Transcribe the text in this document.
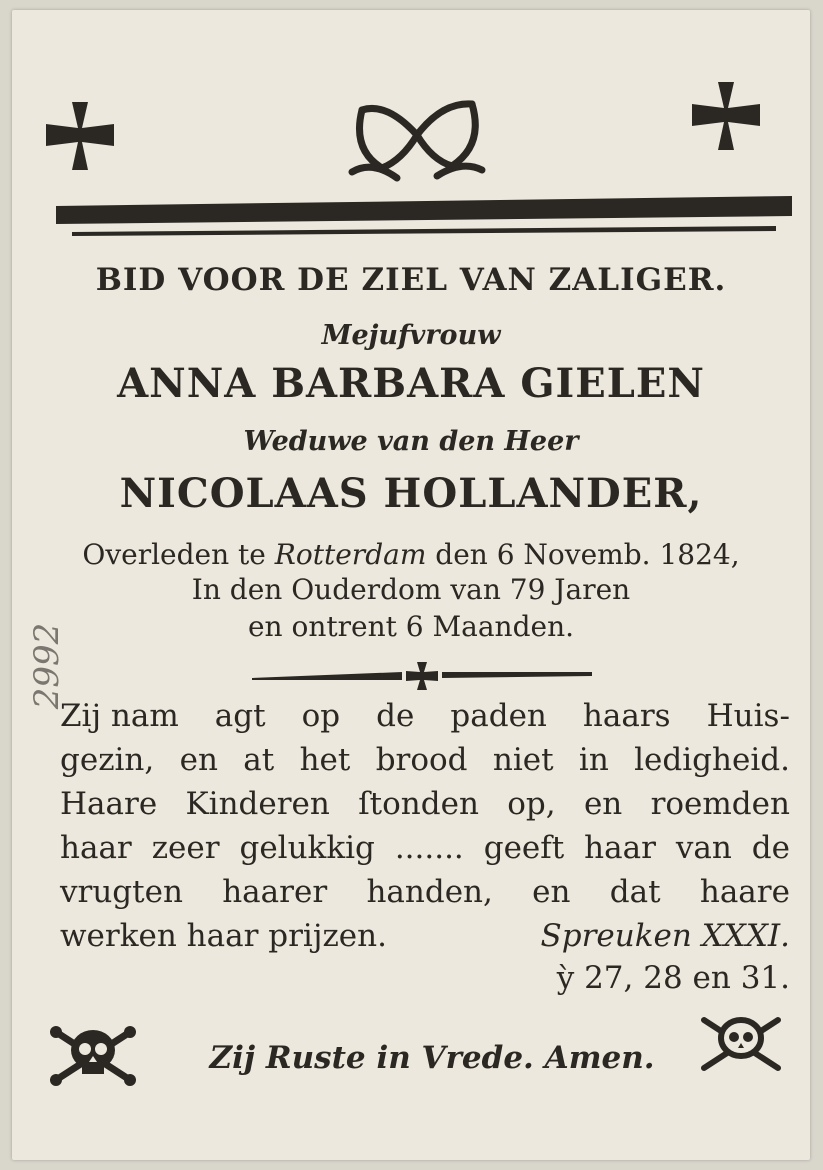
BID VOOR DE ZIEL VAN ZALIGER.
Mejufvrouw
ANNA BARBARA GIELEN
Weduwe van den Heer
NICOLAAS HOLLANDER,
Overleden te Rotterdam den 6 Novemb. 1824,
In den Ouderdom van 79 Jaren
en ontrent 6 Maanden.
Zij nam agt op de paden haars Huis-
gezin, en at het brood niet in ledigheid.
Haare Kinderen ſtonden op, en roemden
haar zeer gelukkig ....... geeft haar van de
vrugten haarer handen, en dat haare
werken haar prijzen.	Spreuken XXXI.
ỳ 27, 28 en 31.
Zij Ruste in Vrede. Amen.
2992
